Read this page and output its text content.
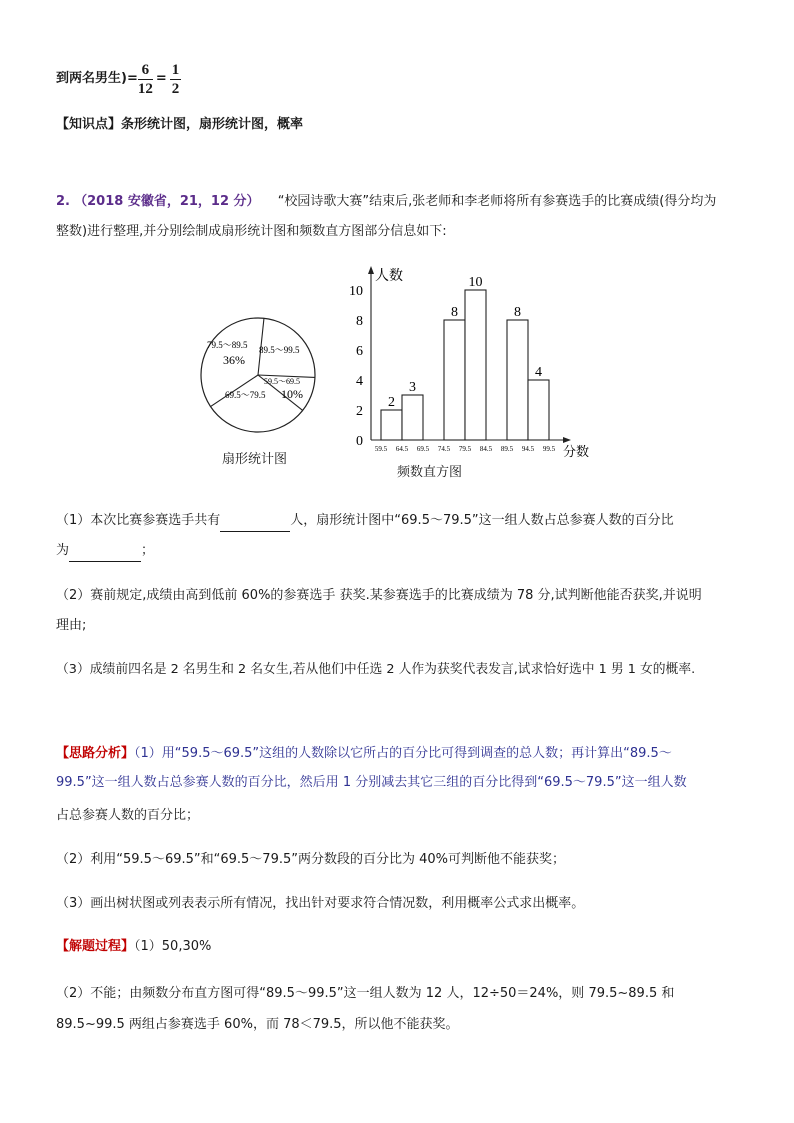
到两名男生)= $\frac{6}{12} = \frac{1}{2}$
【知识点】条形统计图，扇形统计图，概率
2. （2018 安徽省，21，12 分） “校园诗歌大赛”结束后,张老师和李老师将所有参赛选手的比赛成绩(得分均为
整数)进行整理,并分别绘制成扇形统计图和频数直方图部分信息如下:
79.5～89.5
36%
89.5～99.5
59.5～69.5
10%
69.5～79.5
扇形统计图
人数
分数
2
3
8
10
8
4
0
2
4
6
8
10
59.5 64.5 69.5 74.5 79.5 84.5 89.5 94.5 99.5
频数直方图
（1）本次比赛参赛选手共有	人，扇形统计图中“69.5～79.5”这一组人数占总参赛人数的百分比
为	；
（2）赛前规定,成绩由高到低前 60%的参赛选手 获奖.某参赛选手的比赛成绩为 78 分,试判断他能否获奖,并说明
理由;
（3）成绩前四名是 2 名男生和 2 名女生,若从他们中任选 2 人作为获奖代表发言,试求恰好选中 1 男 1 女的概率.
【思路分析】（1）用“59.5～69.5”这组的人数除以它所占的百分比可得到调查的总人数；再计算出“89.5～
99.5”这一组人数占总参赛人数的百分比，然后用 1 分别减去其它三组的百分比得到“69.5～79.5”这一组人数
占总参赛人数的百分比；
（2）利用“59.5～69.5”和“69.5～79.5”两分数段的百分比为 40%可判断他不能获奖；
（3）画出树状图或列表表示所有情况，找出针对要求符合情况数，利用概率公式求出概率。
【解题过程】（1）50,30%
（2）不能；由频数分布直方图可得“89.5～99.5”这一组人数为 12 人，12÷50＝24%，则 79.5~89.5 和
89.5~99.5 两组占参赛选手 60%，而 78＜79.5，所以他不能获奖。
